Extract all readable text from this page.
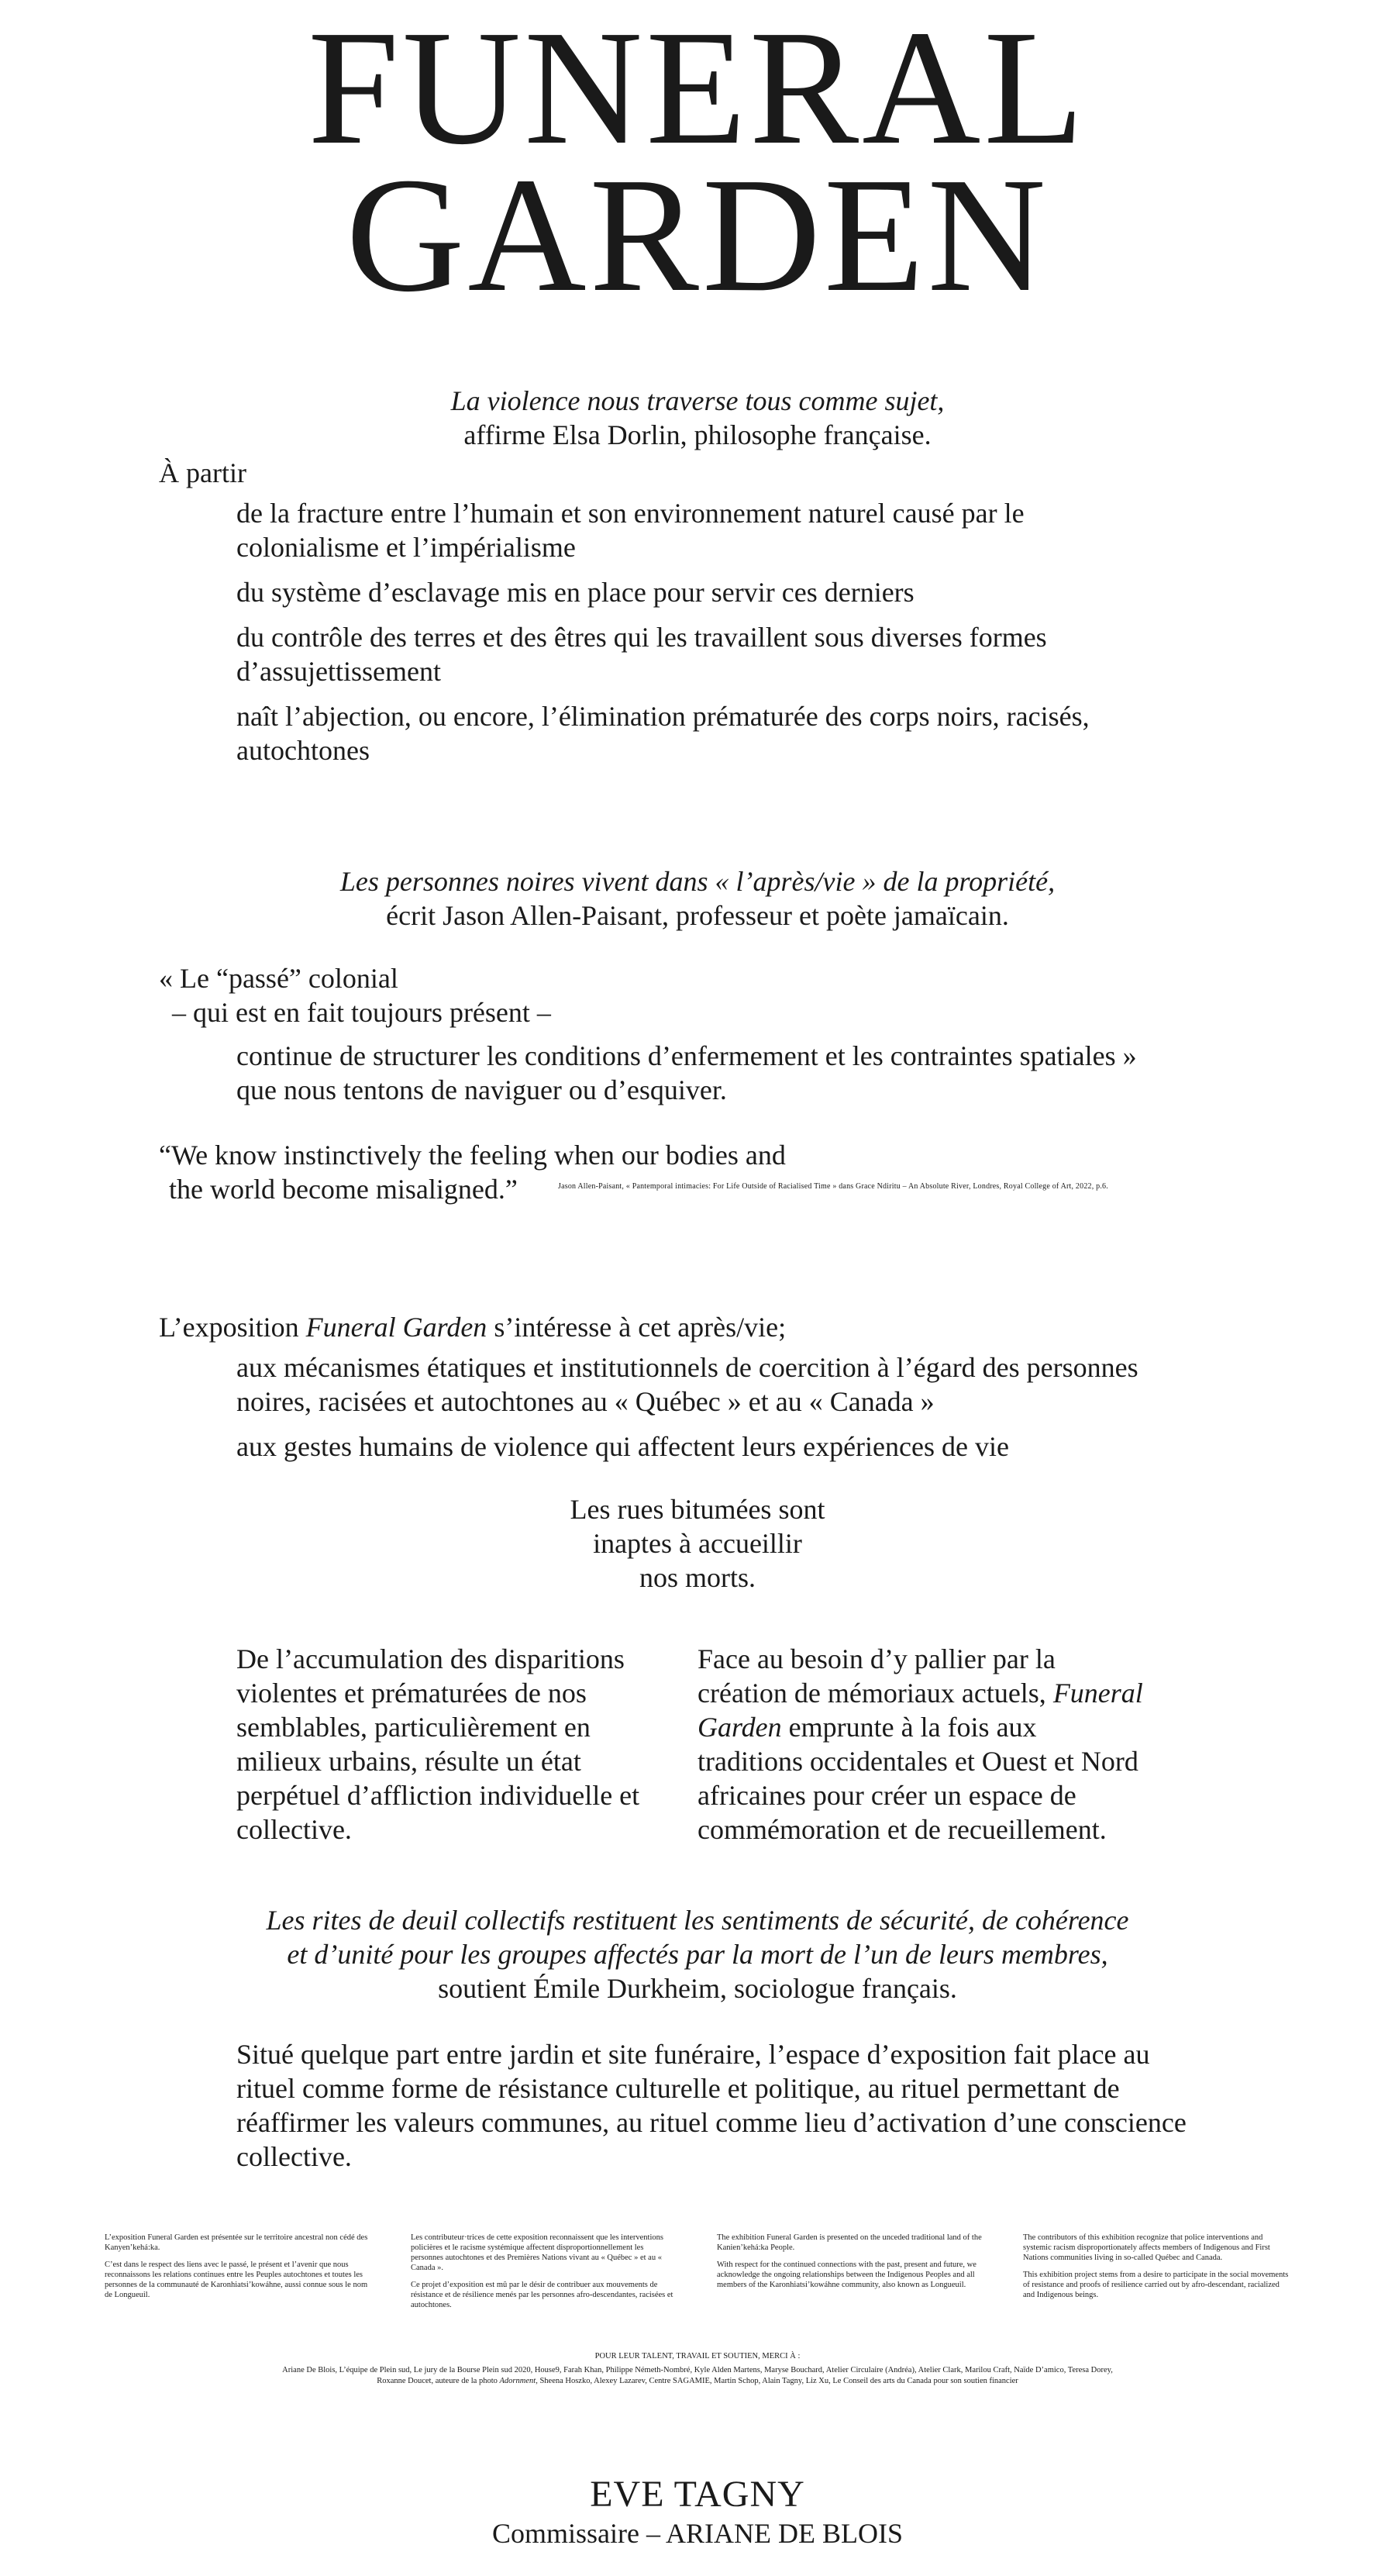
FUNERAL
GARDEN
La violence nous traverse tous comme sujet,
affirme Elsa Dorlin, philosophe française.
À partir

de la fracture entre l’humain et son environnement naturel causé par le colonialisme et l’impérialisme

du système d’esclavage mis en place pour servir ces derniers

du contrôle des terres et des êtres qui les travaillent sous diverses formes d’assujettissement

naît l’abjection, ou encore, l’élimination prématurée des corps noirs, racisés, autochtones

Les personnes noires vivent dans « l’après/vie » de la propriété,
écrit Jason Allen-Paisant, professeur et poète jamaïcain.
« Le “passé” colonial
– qui est en fait toujours présent –
continue de structurer les conditions d’enfermement et les contraintes spatiales » que nous tentons de naviguer ou d’esquiver.
“We know instinctively the feeling when our bodies and
the world become misaligned.”	Jason Allen-Paisant, « Pantemporal intimacies: For Life Outside of Racialised Time » dans Grace Ndiritu – An Absolute River, Londres, Royal College of Art, 2022, p.6.
L’exposition Funeral Garden s’intéresse à cet après/vie;

aux mécanismes étatiques et institutionnels de coercition à l’égard des personnes noires, racisées et autochtones au « Québec » et au « Canada »

aux gestes humains de violence qui affectent leurs expériences de vie

Les rues bitumées sont
inaptes à accueillir
nos morts.
De l’accumulation des disparitions violentes et prématurées de nos semblables, particulièrement en milieux urbains, résulte un état perpétuel d’affliction individuelle et collective.
Face au besoin d’y pallier par la création de mémoriaux actuels, Funeral Garden emprunte à la fois aux traditions occidentales et Ouest et Nord africaines pour créer un espace de commémoration et de recueillement.
Les rites de deuil collectifs restituent les sentiments de sécurité, de cohérence
et d’unité pour les groupes affectés par la mort de l’un de leurs membres,
soutient Émile Durkheim, sociologue français.
Situé quelque part entre jardin et site funéraire, l’espace d’exposition fait place au rituel comme forme de résistance culturelle et politique, au rituel permettant de réaffirmer les valeurs communes, au rituel comme lieu d’activation d’une conscience collective.

L’exposition Funeral Garden est présentée sur le territoire ancestral non cédé des Kanyen’kehá:ka.

C’est dans le respect des liens avec le passé, le présent et l’avenir que nous reconnaissons les relations continues entre les Peuples autochtones et toutes les personnes de la communauté de Karonhiatsi’kowáhne, aussi connue sous le nom de Longueuil.

Les contributeur·trices de cette exposition reconnaissent que les interventions policières et le racisme systémique affectent disproportionnellement les personnes autochtones et des Premières Nations vivant au « Québec » et au « Canada ».

Ce projet d’exposition est mû par le désir de contribuer aux mouvements de résistance et de résilience menés par les personnes afro-descendantes, racisées et autochtones.

The exhibition Funeral Garden is presented on the unceded traditional land of the Kanien’kehá:ka People.

With respect for the continued connections with the past, present and future, we acknowledge the ongoing relationships between the Indigenous Peoples and all members of the Karonhiatsi’kowáhne community, also known as Longueuil.

The contributors of this exhibition recognize that police interventions and systemic racism disproportionately affects members of Indigenous and First Nations communities living in so-called Québec and Canada.

This exhibition project stems from a desire to participate in the social movements of resistance and proofs of resilience carried out by afro-descendant, racialized and Indigenous beings.

POUR LEUR TALENT, TRAVAIL ET SOUTIEN, MERCI À :
Ariane De Blois, L’équipe de Plein sud, Le jury de la Bourse Plein sud 2020, House9, Farah Khan, Philippe Németh-Nombré, Kyle Alden Martens, Maryse Bouchard, Atelier Circulaire (Andréa), Atelier Clark, Marilou Craft, Naïde D’amico, Teresa Dorey,
Roxanne Doucet, auteure de la photo Adornment, Sheena Hoszko, Alexey Lazarev, Centre SAGAMIE, Martin Schop, Alain Tagny, Liz Xu, Le Conseil des arts du Canada pour son soutien financier
EVE TAGNY
Commissaire – ARIANE DE BLOIS
